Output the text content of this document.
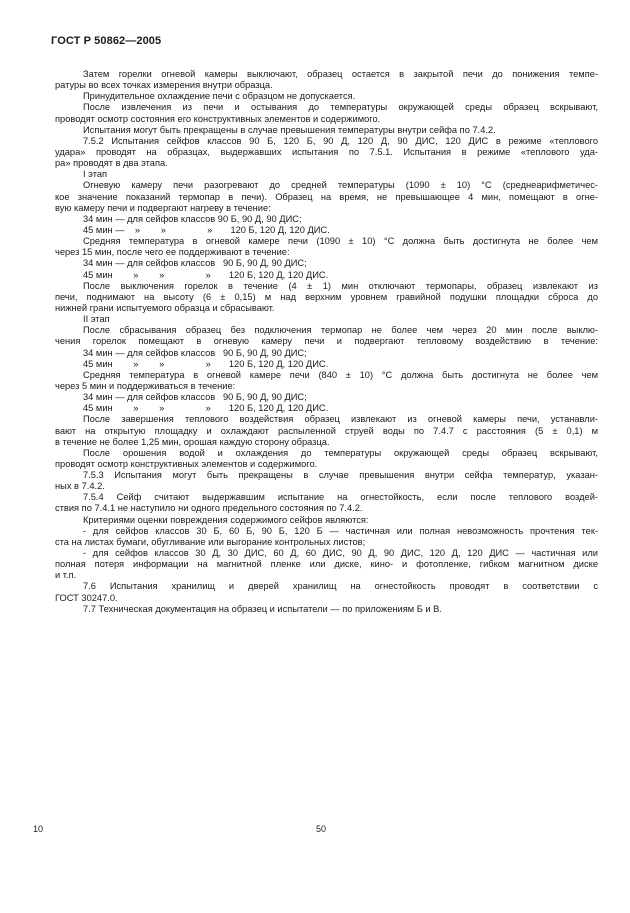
ГОСТ Р 50862—2005
Затем горелки огневой камеры выключают, образец остается в закрытой печи до понижения темпе-
ратуры во всех точках измерения внутри образца.
Принудительное охлаждение печи с образцом не допускается.
После извлечения из печи и остывания до температуры окружающей среды образец вскрывают,
проводят осмотр состояния его конструктивных элементов и содержимого.
Испытания могут быть прекращены в случае превышения температуры внутри сейфа по 7.4.2.
7.5.2 Испытания сейфов классов 90 Б, 120 Б, 90 Д, 120 Д, 90 ДИС, 120 ДИС в режиме «теплового
удара» проводят на образцах, выдержавших испытания по 7.5.1. Испытания в режиме «теплового уда-
ра» проводят в два этапа.
I этап
Огневую камеру печи разогревают до средней температуры (1090 ± 10) °С (среднеарифметичес-
кое значение показаний термопар в печи). Образец на время, не превышающее 4 мин, помещают в огне-
вую камеру печи и подвергают нагреву в течение:
34 мин — для сейфов классов 90 Б, 90 Д, 90 ДИС;
45 мин —    »        »                »       120 Б, 120 Д, 120 ДИС.
Средняя температура в огневой камере печи (1090 ± 10) °С должна быть достигнута не более чем
через 15 мин, после чего ее поддерживают в течение:
34 мин — для сейфов классов   90 Б, 90 Д, 90 ДИС;
45 мин        »        »                »       120 Б, 120 Д, 120 ДИС.
После выключения горелок в течение (4 ± 1) мин отключают термопары, образец извлекают из
печи, поднимают на высоту (6 ± 0,15) м над верхним уровнем гравийной подушки площадки сброса до
нижней грани испытуемого образца и сбрасывают.
II этап
После сбрасывания образец без подключения термопар не более чем через 20 мин после выклю-
чения горелок помещают в огневую камеру печи и подвергают тепловому воздействию в течение:
34 мин — для сейфов классов   90 Б, 90 Д, 90 ДИС;
45 мин        »        »                »       120 Б, 120 Д, 120 ДИС.
Средняя температура в огневой камере печи (840 ± 10) °С должна быть достигнута не более чем
через 5 мин и поддерживаться в течение:
34 мин — для сейфов классов   90 Б, 90 Д, 90 ДИС;
45 мин        »        »                »       120 Б, 120 Д, 120 ДИС.
После завершения теплового воздействия образец извлекают из огневой камеры печи, устанавли-
вают на открытую площадку и охлаждают распыленной струей воды по 7.4.7 с расстояния (5 ± 0,1) м
в течение не более 1,25 мин, орошая каждую сторону образца.
После орошения водой и охлаждения до температуры окружающей среды образец вскрывают,
проводят осмотр конструктивных элементов и содержимого.
7.5.3 Испытания могут быть прекращены в случае превышения внутри сейфа температур, указан-
ных в 7.4.2.
7.5.4 Сейф считают выдержавшим испытание на огнестойкость, если после теплового воздей-
ствия по 7.4.1 не наступило ни одного предельного состояния по 7.4.2.
Критериями оценки повреждения содержимого сейфов являются:
- для сейфов классов 30 Б, 60 Б, 90 Б, 120 Б — частичная или полная невозможность прочтения тек-
ста на листах бумаги, обугливание или выгорание контрольных листов;
- для сейфов классов 30 Д, 30 ДИС, 60 Д, 60 ДИС, 90 Д, 90 ДИС, 120 Д, 120 ДИС — частичная или
полная потеря информации на магнитной пленке или диске, кино- и фотопленке, гибком магнитном диске
и т.п.
7.6 Испытания хранилищ и дверей хранилищ на огнестойкость проводят в соответствии с
ГОСТ 30247.0.
7.7 Техническая документация на образец и испытатели — по приложениям Б и В.
10	50
